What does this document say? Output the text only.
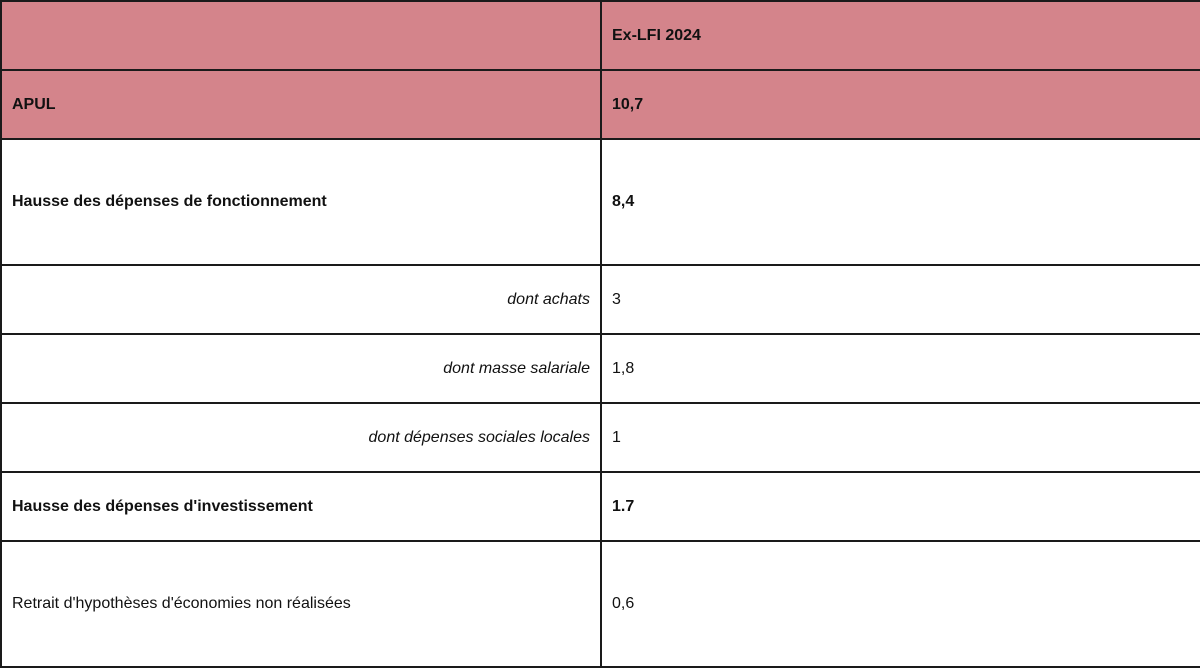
	Ex-LFI 2024
APUL	10,7
Hausse des dépenses de fonctionnement	8,4
dont achats	3
dont masse salariale	1,8
dont dépenses sociales locales	1
Hausse des dépenses d'investissement	1.7
Retrait d'hypothèses d'économies non réalisées	0,6
